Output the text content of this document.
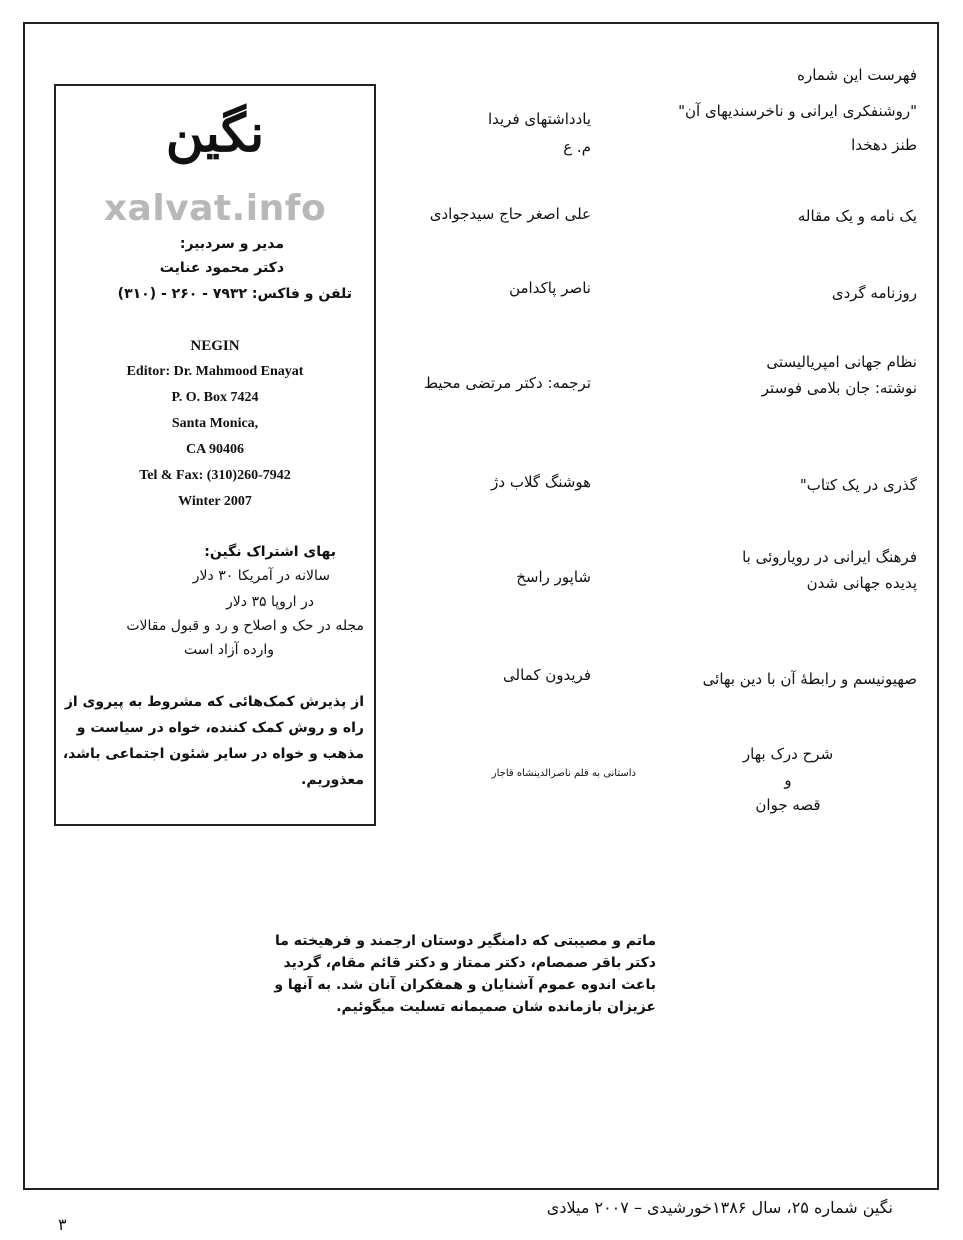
فهرست این شماره
"روشنفکری ایرانی و ناخرسندیهای آن"
طنز دهخدا
یادداشتهای فریدا
م. ع
یک نامه و یک مقاله
علی اصغر حاج سیدجوادی
روزنامه گردی
ناصر پاکدامن
نظام جهانی امپریالیستی
نوشته: جان بلامی فوستر
ترجمه: دکتر مرتضی محیط
گذری در یک کتاب"
هوشنگ گلاب دژ
فرهنگ ایرانی در رویاروئی با
پدیده جهانی شدن
شاپور راسخ
صهیونیسم و رابطهٔ آن با دین بهائی
فریدون کمالی
شرح درک بهار
و
قصه جوان
داستانی به قلم ناصرالدینشاه قاجار
نگین
xalvat.info
مدیر و سردبیر:
دکتر محمود عنایت
تلفن و فاکس: ۷۹۳۲ - ۲۶۰ - (۳۱۰)
NEGIN
Editor: Dr. Mahmood Enayat
P. O. Box 7424
Santa Monica,
CA 90406
Tel & Fax: (310)260-7942
Winter 2007
بهای اشتراک نگین:
سالانه در آمریکا ۳۰ دلار
در اروپا ۳۵ دلار
مجله در حک و اصلاح و رد و قبول مقالات
وارده آزاد است
از پذیرش کمک‌هائی که مشروط به پیروی از
راه و روش کمک کننده، خواه در سیاست و
مذهب و خواه در سایر شئون اجتماعی باشد،
معذوریم.
ماتم و مصیبتی که دامنگیر دوستان ارجمند و فرهیخته ما
دکتر باقر صمصام، دکتر ممتاز و دکتر قائم مقام، گردید
باعث اندوه عموم آشنایان و همفکران آنان شد. به آنها و
عزیزان بازمانده شان صمیمانه تسلیت میگوئیم.
نگین شماره ۲۵، سال ۱۳۸۶خورشیدی – ۲۰۰۷ میلادی
۳
